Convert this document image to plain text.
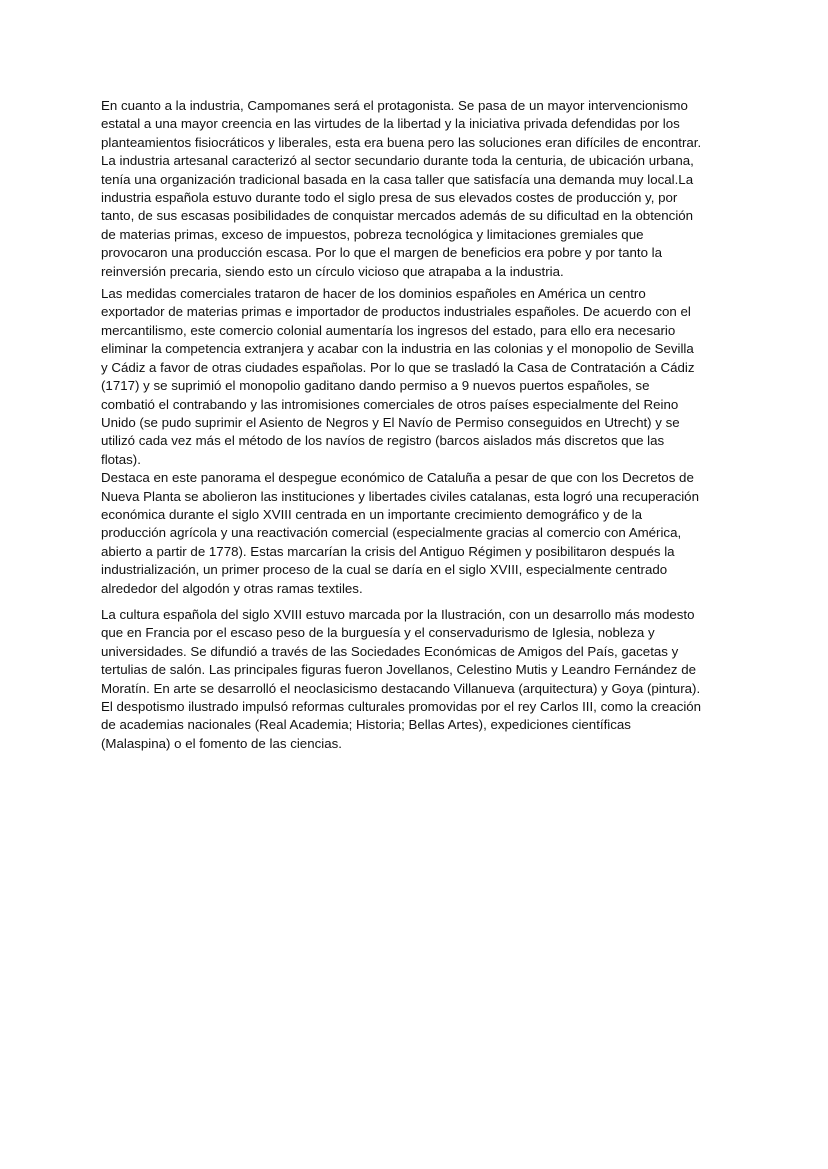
En cuanto a la industria, Campomanes será el protagonista. Se pasa de un mayor intervencionismo
estatal a una mayor creencia en las virtudes de la libertad y la iniciativa privada defendidas por los
planteamientos fisiocráticos y liberales, esta era buena pero las soluciones eran difíciles de encontrar.
La industria artesanal caracterizó al sector secundario durante toda la centuria, de ubicación urbana,
tenía una organización tradicional basada en la casa taller que satisfacía una demanda muy local.La
industria española estuvo durante todo el siglo presa de sus elevados costes de producción y, por
tanto, de sus escasas posibilidades de conquistar mercados además de su dificultad en la obtención
de materias primas, exceso de impuestos, pobreza tecnológica y limitaciones gremiales que
provocaron una producción escasa. Por lo que el margen de beneficios era pobre y por tanto la
reinversión precaria, siendo esto un círculo vicioso que atrapaba a la industria.

Las medidas comerciales trataron de hacer de los dominios españoles en América un centro
exportador de materias primas e importador de productos industriales españoles. De acuerdo con el
mercantilismo, este comercio colonial aumentaría los ingresos del estado, para ello era necesario
eliminar la competencia extranjera y acabar con la industria en las colonias y el monopolio de Sevilla
y Cádiz a favor de otras ciudades españolas. Por lo que se trasladó la Casa de Contratación a Cádiz
(1717) y se suprimió el monopolio gaditano dando permiso a 9 nuevos puertos españoles, se
combatió el contrabando y las intromisiones comerciales de otros países especialmente del Reino
Unido (se pudo suprimir el Asiento de Negros y El Navío de Permiso conseguidos en Utrecht) y se
utilizó cada vez más el método de los navíos de registro (barcos aislados más discretos que las
flotas).

Destaca en este panorama el despegue económico de Cataluña a pesar de que con los Decretos de
Nueva Planta se abolieron las instituciones y libertades civiles catalanas, esta logró una recuperación
económica durante el siglo XVIII centrada en un importante crecimiento demográfico y de la
producción agrícola y una reactivación comercial (especialmente gracias al comercio con América,
abierto a partir de 1778). Estas marcarían la crisis del Antiguo Régimen y posibilitaron después la
industrialización, un primer proceso de la cual se daría en el siglo XVIII, especialmente centrado
alrededor del algodón y otras ramas textiles.

La cultura española del siglo XVIII estuvo marcada por la Ilustración, con un desarrollo más modesto
que en Francia por el escaso peso de la burguesía y el conservadurismo de Iglesia, nobleza y
universidades. Se difundió a través de las Sociedades Económicas de Amigos del País, gacetas y
tertulias de salón. Las principales figuras fueron Jovellanos, Celestino Mutis y Leandro Fernández de
Moratín. En arte se desarrolló el neoclasicismo destacando Villanueva (arquitectura) y Goya (pintura).
El despotismo ilustrado impulsó reformas culturales promovidas por el rey Carlos III, como la creación
de academias nacionales (Real Academia; Historia; Bellas Artes), expediciones científicas
(Malaspina) o el fomento de las ciencias.
